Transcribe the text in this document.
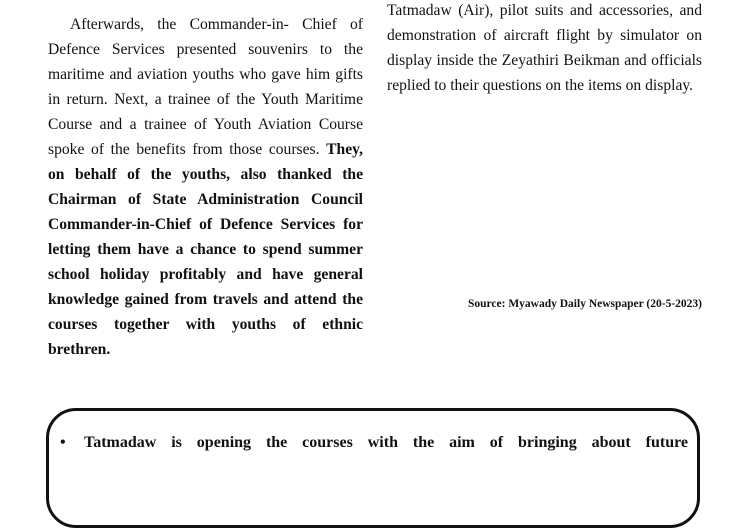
Afterwards, the Commander-in- Chief of Defence Services presented souvenirs to the maritime and aviation youths who gave him gifts in return. Next, a trainee of the Youth Maritime Course and a trainee of Youth Aviation Course spoke of the benefits from those courses. They, on behalf of the youths, also thanked the Chairman of State Administration Council Commander-in-Chief of Defence Services for letting them have a chance to spend summer school holiday profitably and have general knowledge gained from travels and attend the courses together with youths of ethnic brethren.
Tatmadaw (Air), pilot suits and accessories, and demonstration of aircraft flight by simulator on display inside the Zeyathiri Beikman and officials replied to their questions on the items on display.
Source: Myawady Daily Newspaper (20-5-2023)
• Tatmadaw is opening the courses with the aim of bringing about future
